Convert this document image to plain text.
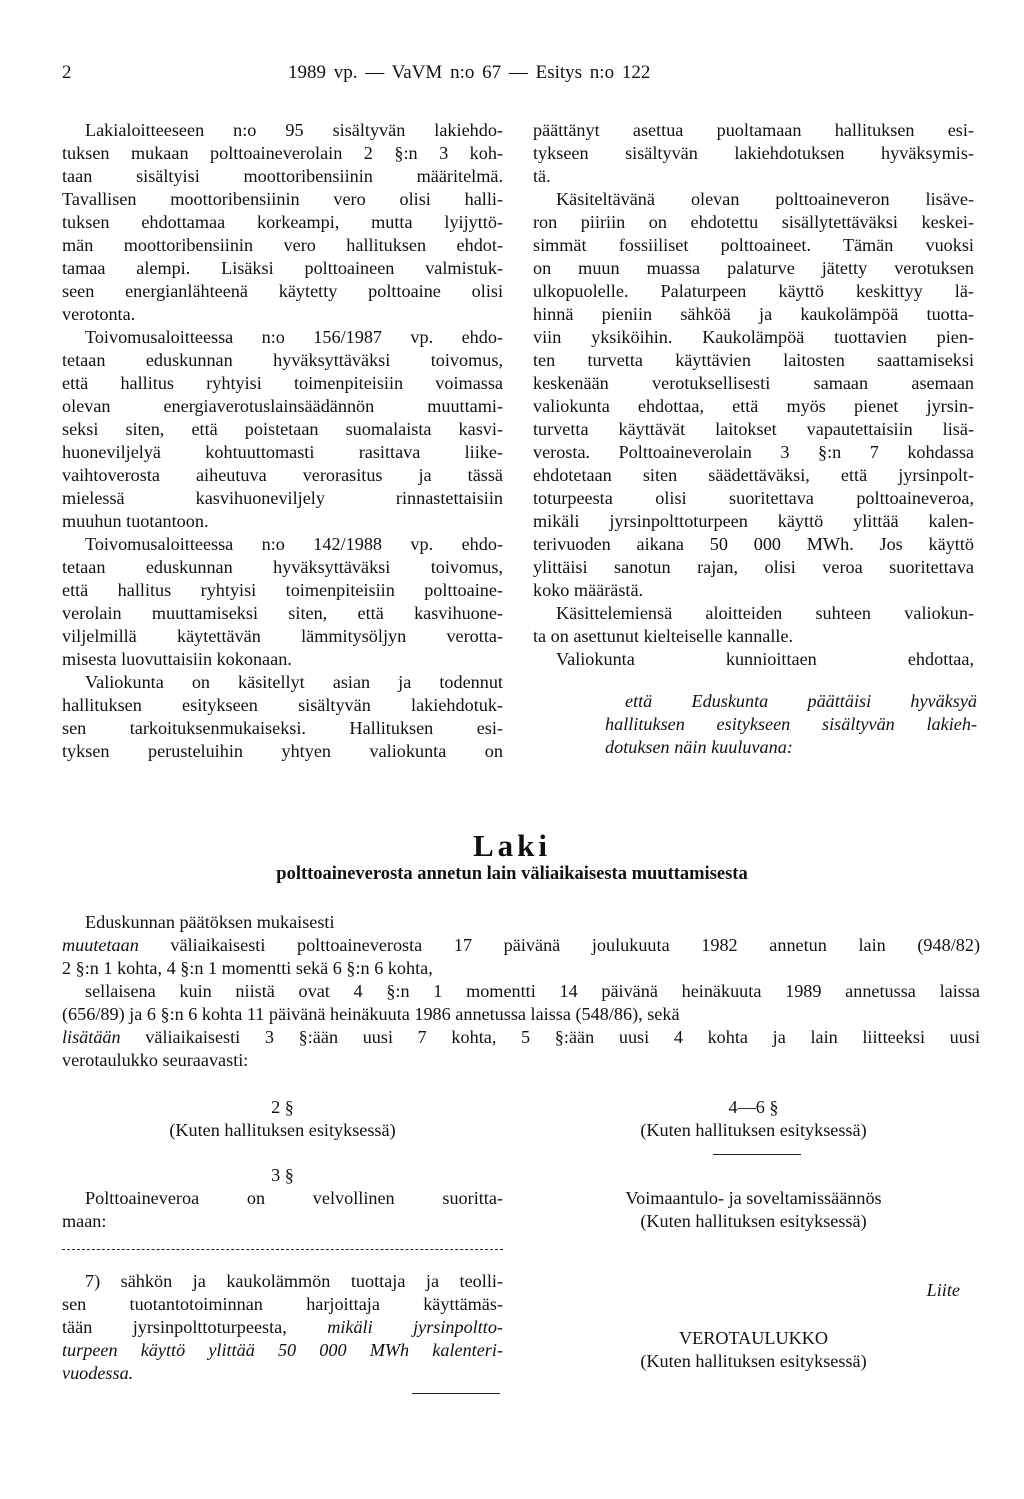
2	1989 vp. — VaVM n:o 67 — Esitys n:o 122
Lakialoitteeseen n:o 95 sisältyvän lakiehdo-
tuksen mukaan polttoaineverolain 2 §:n 3 koh-
taan sisältyisi moottoribensiinin määritelmä.
Tavallisen moottoribensiinin vero olisi halli-
tuksen ehdottamaa korkeampi, mutta lyijyttö-
män moottoribensiinin vero hallituksen ehdot-
tamaa alempi. Lisäksi polttoaineen valmistuk-
seen energianlähteenä käytetty polttoaine olisi
verotonta.
Toivomusaloitteessa n:o 156/1987 vp. ehdo-
tetaan eduskunnan hyväksyttäväksi toivomus,
että hallitus ryhtyisi toimenpiteisiin voimassa
olevan energiaverotuslainsäädännön muuttami-
seksi siten, että poistetaan suomalaista kasvi-
huoneviljelyä kohtuuttomasti rasittava liike-
vaihtoverosta aiheutuva verorasitus ja tässä
mielessä kasvihuoneviljely rinnastettaisiin
muuhun tuotantoon.
Toivomusaloitteessa n:o 142/1988 vp. ehdo-
tetaan eduskunnan hyväksyttäväksi toivomus,
että hallitus ryhtyisi toimenpiteisiin polttoaine-
verolain muuttamiseksi siten, että kasvihuone-
viljelmillä käytettävän lämmitysöljyn verotta-
misesta luovuttaisiin kokonaan.
Valiokunta on käsitellyt asian ja todennut
hallituksen esitykseen sisältyvän lakiehdotuk-
sen tarkoituksenmukaiseksi. Hallituksen esi-
tyksen perusteluihin yhtyen valiokunta on
päättänyt asettua puoltamaan hallituksen esi-
tykseen sisältyvän lakiehdotuksen hyväksymis-
tä.
Käsiteltävänä olevan polttoaineveron lisäve-
ron piiriin on ehdotettu sisällytettäväksi keskei-
simmät fossiiliset polttoaineet. Tämän vuoksi
on muun muassa palaturve jätetty verotuksen
ulkopuolelle. Palaturpeen käyttö keskittyy lä-
hinnä pieniin sähköä ja kaukolämpöä tuotta-
viin yksiköihin. Kaukolämpöä tuottavien pien-
ten turvetta käyttävien laitosten saattamiseksi
keskenään verotuksellisesti samaan asemaan
valiokunta ehdottaa, että myös pienet jyrsin-
turvetta käyttävät laitokset vapautettaisiin lisä-
verosta. Polttoaineverolain 3 §:n 7 kohdassa
ehdotetaan siten säädettäväksi, että jyrsinpolt-
toturpeesta olisi suoritettava polttoaineveroa,
mikäli jyrsinpolttoturpeen käyttö ylittää kalen-
terivuoden aikana 50 000 MWh. Jos käyttö
ylittäisi sanotun rajan, olisi veroa suoritettava
koko määrästä.
Käsittelemiensä aloitteiden suhteen valiokun-
ta on asettunut kielteiselle kannalle.
Valiokunta kunnioittaen ehdottaa,
että Eduskunta päättäisi hyväksyä
hallituksen esitykseen sisältyvän lakieh-
dotuksen näin kuuluvana:
Laki
polttoaineverosta annetun lain väliaikaisesta muuttamisesta
Eduskunnan päätöksen mukaisesti
muutetaan väliaikaisesti polttoaineverosta 17 päivänä joulukuuta 1982 annetun lain (948/82)
2 §:n 1 kohta, 4 §:n 1 momentti sekä 6 §:n 6 kohta,
sellaisena kuin niistä ovat 4 §:n 1 momentti 14 päivänä heinäkuuta 1989 annetussa laissa
(656/89) ja 6 §:n 6 kohta 11 päivänä heinäkuuta 1986 annetussa laissa (548/86), sekä
lisätään väliaikaisesti 3 §:ään uusi 7 kohta, 5 §:ään uusi 4 kohta ja lain liitteeksi uusi
verotaulukko seuraavasti:
2 §
(Kuten hallituksen esityksessä)
3 §
Polttoaineveroa on velvollinen suoritta-
maan:
7) sähkön ja kaukolämmön tuottaja ja teolli-
sen tuotantotoiminnan harjoittaja käyttämäs-
tään jyrsinpolttoturpeesta, mikäli jyrsinpoltto-
turpeen käyttö ylittää 50 000 MWh kalenteri-
vuodessa.
4—6 §
(Kuten hallituksen esityksessä)
Voimaantulo- ja soveltamissäännös
(Kuten hallituksen esityksessä)
Liite
VEROTAULUKKO
(Kuten hallituksen esityksessä)
